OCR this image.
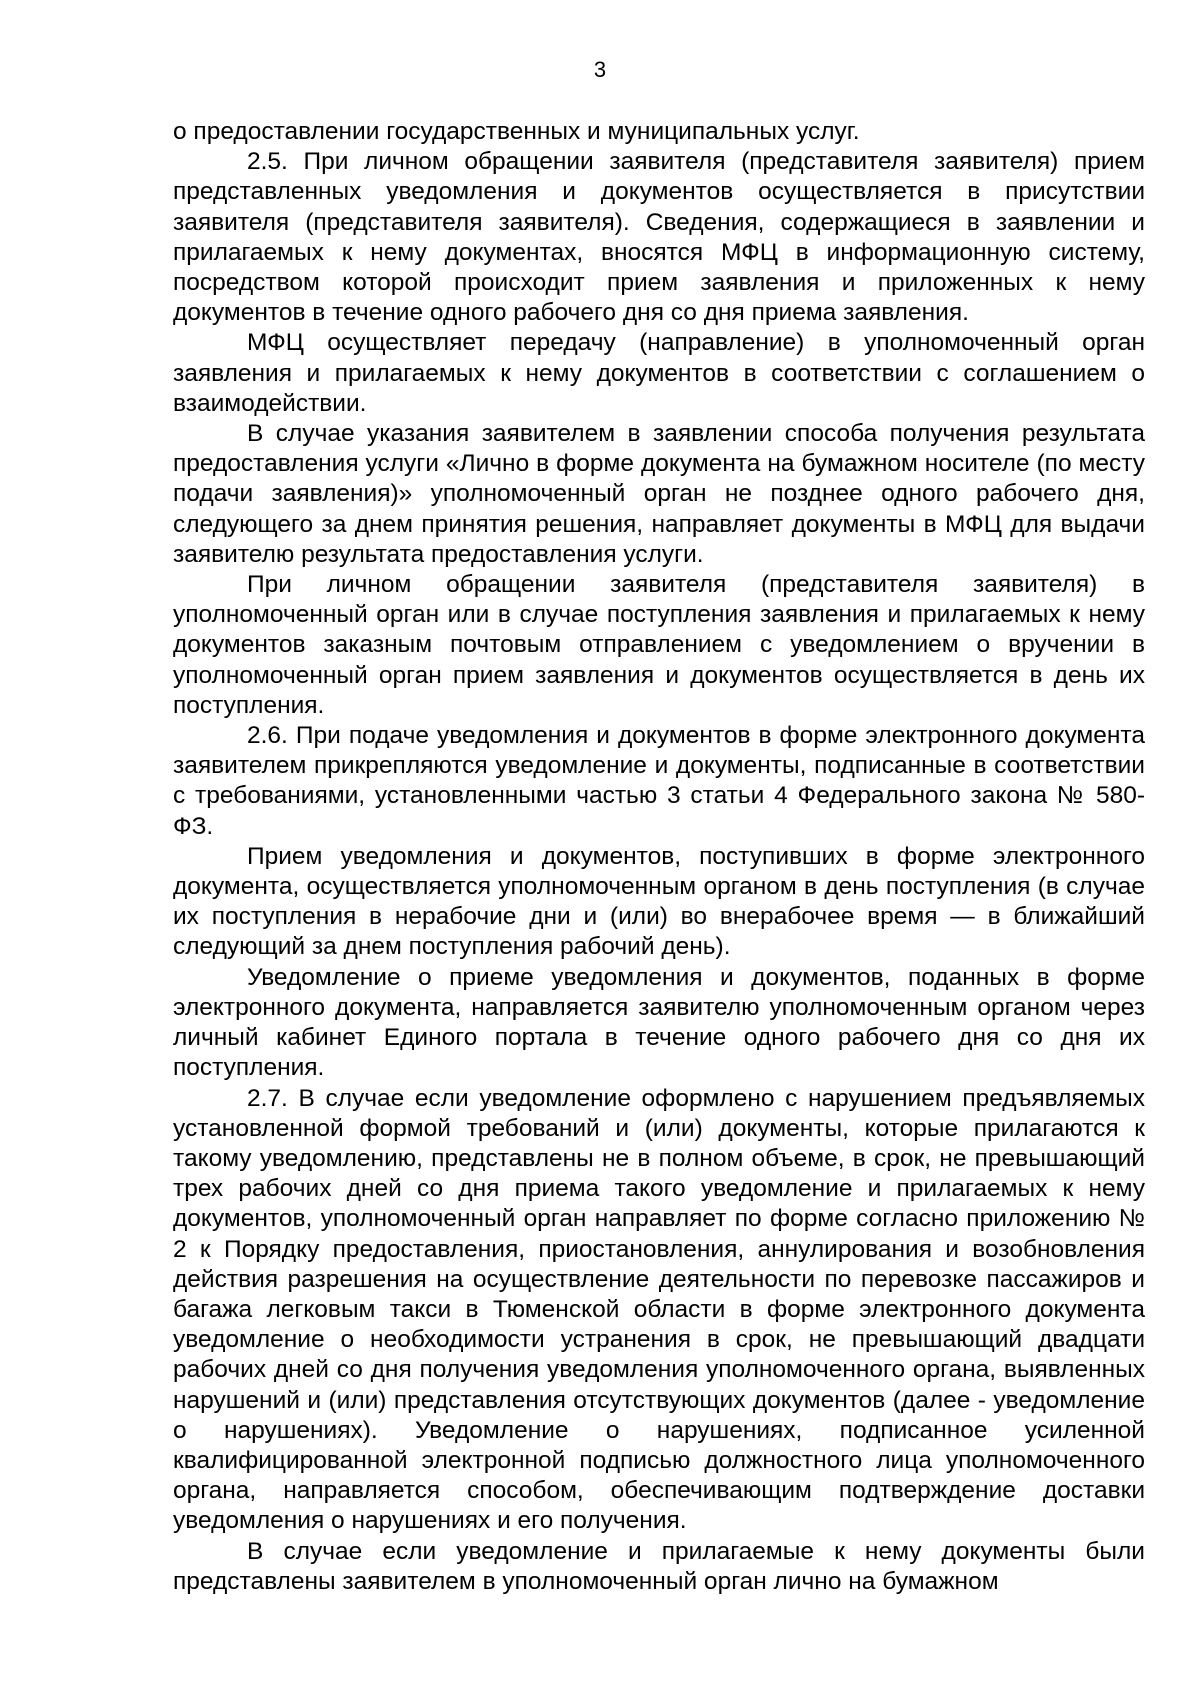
3

о предоставлении государственных и муниципальных услуг.

2.5. При личном обращении заявителя (представителя заявителя) прием представленных уведомления и документов осуществляется в присутствии заявителя (представителя заявителя). Сведения, содержащиеся в заявлении и прилагаемых к нему документах, вносятся МФЦ в информационную систему, посредством которой происходит прием заявления и приложенных к нему документов в течение одного рабочего дня со дня приема заявления.

МФЦ осуществляет передачу (направление) в уполномоченный орган заявления и прилагаемых к нему документов в соответствии с соглашением о взаимодействии.

В случае указания заявителем в заявлении способа получения результата предоставления услуги «Лично в форме документа на бумажном носителе (по месту подачи заявления)» уполномоченный орган не позднее одного рабочего дня, следующего за днем принятия решения, направляет документы в МФЦ для выдачи заявителю результата предоставления услуги.

При личном обращении заявителя (представителя заявителя) в уполномоченный орган или в случае поступления заявления и прилагаемых к нему документов заказным почтовым отправлением с уведомлением о вручении в уполномоченный орган прием заявления и документов осуществляется в день их поступления.

2.6. При подаче уведомления и документов в форме электронного документа заявителем прикрепляются уведомление и документы, подписанные в соответствии с требованиями, установленными частью 3 статьи 4 Федерального закона № 580-ФЗ.

Прием уведомления и документов, поступивших в форме электронного документа, осуществляется уполномоченным органом в день поступления (в случае их поступления в нерабочие дни и (или) во внерабочее время — в ближайший следующий за днем поступления рабочий день).

Уведомление о приеме уведомления и документов, поданных в форме электронного документа, направляется заявителю уполномоченным органом через личный кабинет Единого портала в течение одного рабочего дня со дня их поступления.

2.7. В случае если уведомление оформлено с нарушением предъявляемых установленной формой требований и (или) документы, которые прилагаются к такому уведомлению, представлены не в полном объеме, в срок, не превышающий трех рабочих дней со дня приема такого уведомление и прилагаемых к нему документов, уполномоченный орган направляет по форме согласно приложению № 2 к Порядку предоставления, приостановления, аннулирования и возобновления действия разрешения на осуществление деятельности по перевозке пассажиров и багажа легковым такси в Тюменской области в форме электронного документа уведомление о необходимости устранения в срок, не превышающий двадцати рабочих дней со дня получения уведомления уполномоченного органа, выявленных нарушений и (или) представления отсутствующих документов (далее - уведомление о нарушениях). Уведомление о нарушениях, подписанное усиленной квалифицированной электронной подписью должностного лица уполномоченного органа, направляется способом, обеспечивающим подтверждение доставки уведомления о нарушениях и его получения.

В случае если уведомление и прилагаемые к нему документы были представлены заявителем в уполномоченный орган лично на бумажном
